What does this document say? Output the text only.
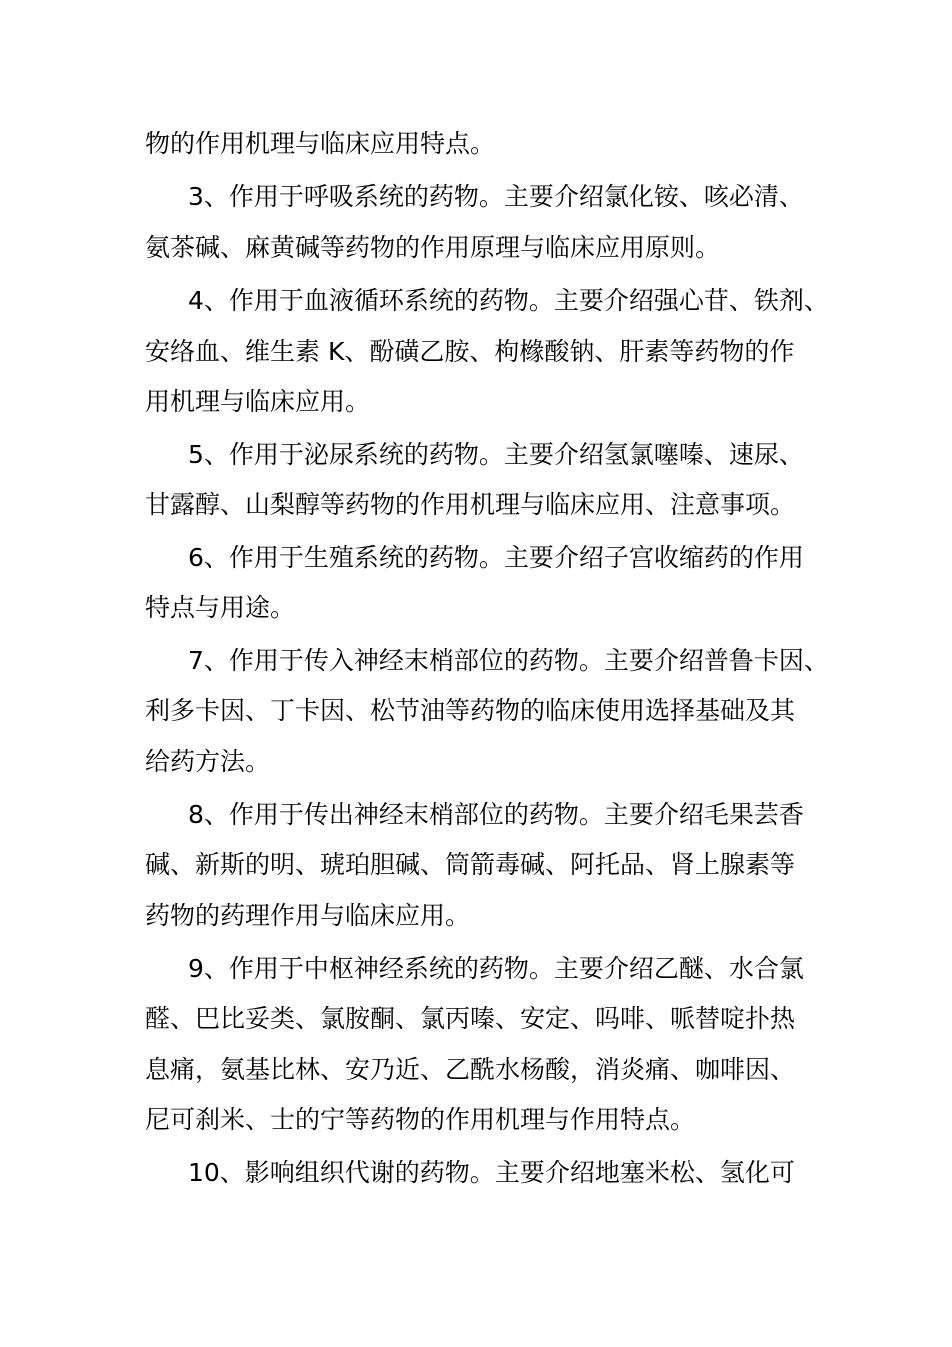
物的作用机理与临床应用特点。
3、作用于呼吸系统的药物。主要介绍氯化铵、咳必清、
氨茶碱、麻黄碱等药物的作用原理与临床应用原则。
4、作用于血液循环系统的药物。主要介绍强心苷、铁剂、
安络血、维生素 K、酚磺乙胺、枸橼酸钠、肝素等药物的作
用机理与临床应用。
5、作用于泌尿系统的药物。主要介绍氢氯噻嗪、速尿、
甘露醇、山梨醇等药物的作用机理与临床应用、注意事项。
6、作用于生殖系统的药物。主要介绍子宫收缩药的作用
特点与用途。
7、作用于传入神经末梢部位的药物。主要介绍普鲁卡因、
利多卡因、丁卡因、松节油等药物的临床使用选择基础及其
给药方法。
8、作用于传出神经末梢部位的药物。主要介绍毛果芸香
碱、新斯的明、琥珀胆碱、筒箭毒碱、阿托品、肾上腺素等
药物的药理作用与临床应用。
9、作用于中枢神经系统的药物。主要介绍乙醚、水合氯
醛、巴比妥类、氯胺酮、氯丙嗪、安定、吗啡、哌替啶扑热
息痛，氨基比林、安乃近、乙酰水杨酸，消炎痛、咖啡因、
尼可刹米、士的宁等药物的作用机理与作用特点。
10、影响组织代谢的药物。主要介绍地塞米松、氢化可
